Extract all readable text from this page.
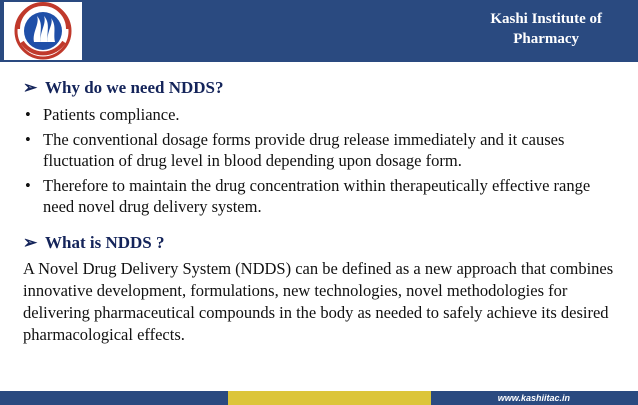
Kashi Institute of
Pharmacy
➢ Why do we need NDDS?
• Patients compliance.
• The conventional dosage forms provide drug release immediately and it causes fluctuation of drug level in blood depending upon dosage form.
• Therefore to maintain the drug concentration within therapeutically effective range need novel drug delivery system.
➢ What is NDDS ?
A Novel Drug Delivery System (NDDS) can be defined as a new approach that combines innovative development, formulations, new technologies, novel methodologies for delivering pharmaceutical compounds in the body as needed to safely achieve its desired pharmacological effects.
www.kashiitac.in
